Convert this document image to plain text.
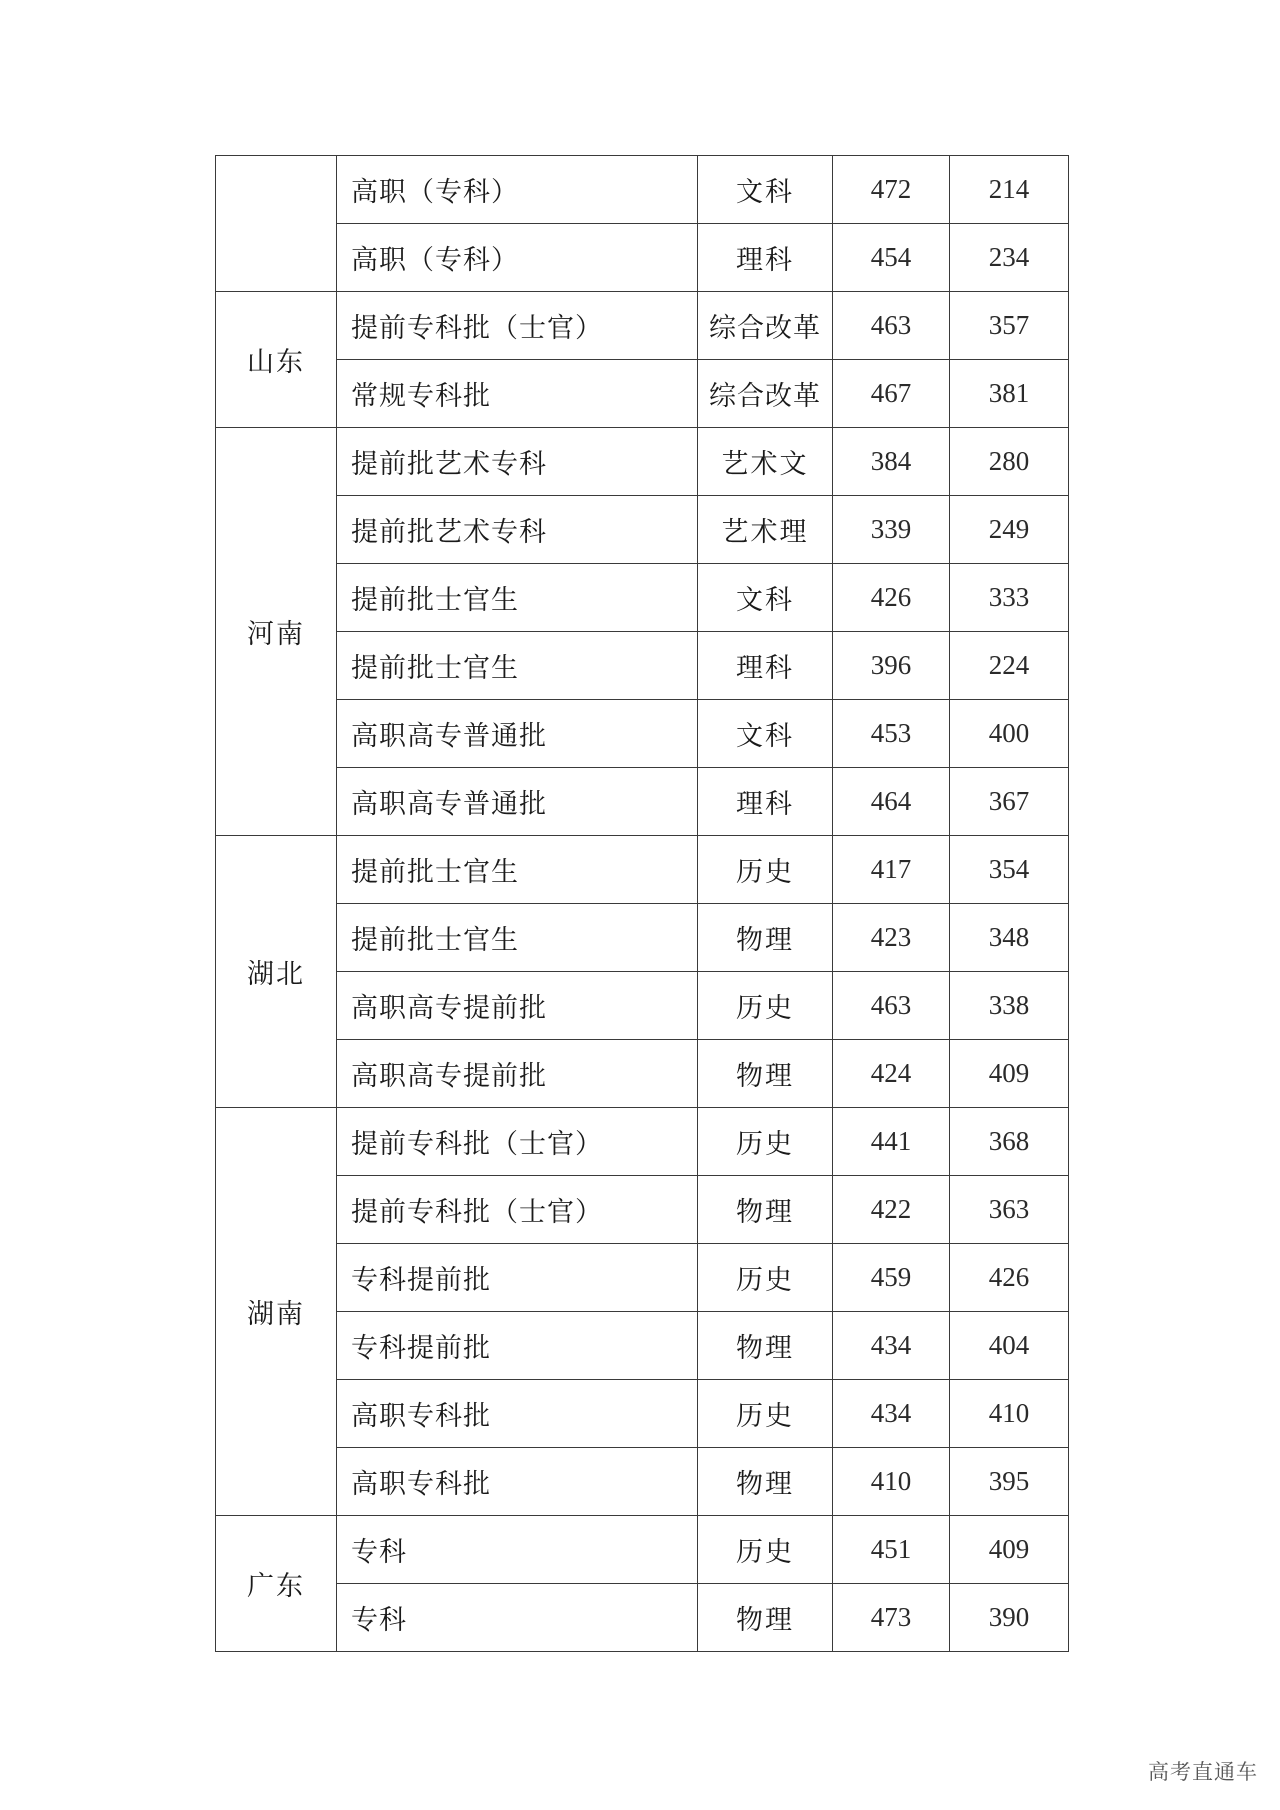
	高职（专科）	文科	472	214
	高职（专科）	理科	454	234
山东	提前专科批（士官）	综合改革	463	357
	常规专科批	综合改革	467	381
河南	提前批艺术专科	艺术文	384	280
	提前批艺术专科	艺术理	339	249
	提前批士官生	文科	426	333
	提前批士官生	理科	396	224
	高职高专普通批	文科	453	400
	高职高专普通批	理科	464	367
湖北	提前批士官生	历史	417	354
	提前批士官生	物理	423	348
	高职高专提前批	历史	463	338
	高职高专提前批	物理	424	409
湖南	提前专科批（士官）	历史	441	368
	提前专科批（士官）	物理	422	363
	专科提前批	历史	459	426
	专科提前批	物理	434	404
	高职专科批	历史	434	410
	高职专科批	物理	410	395
广东	专科	历史	451	409
	专科	物理	473	390
高考直通车
